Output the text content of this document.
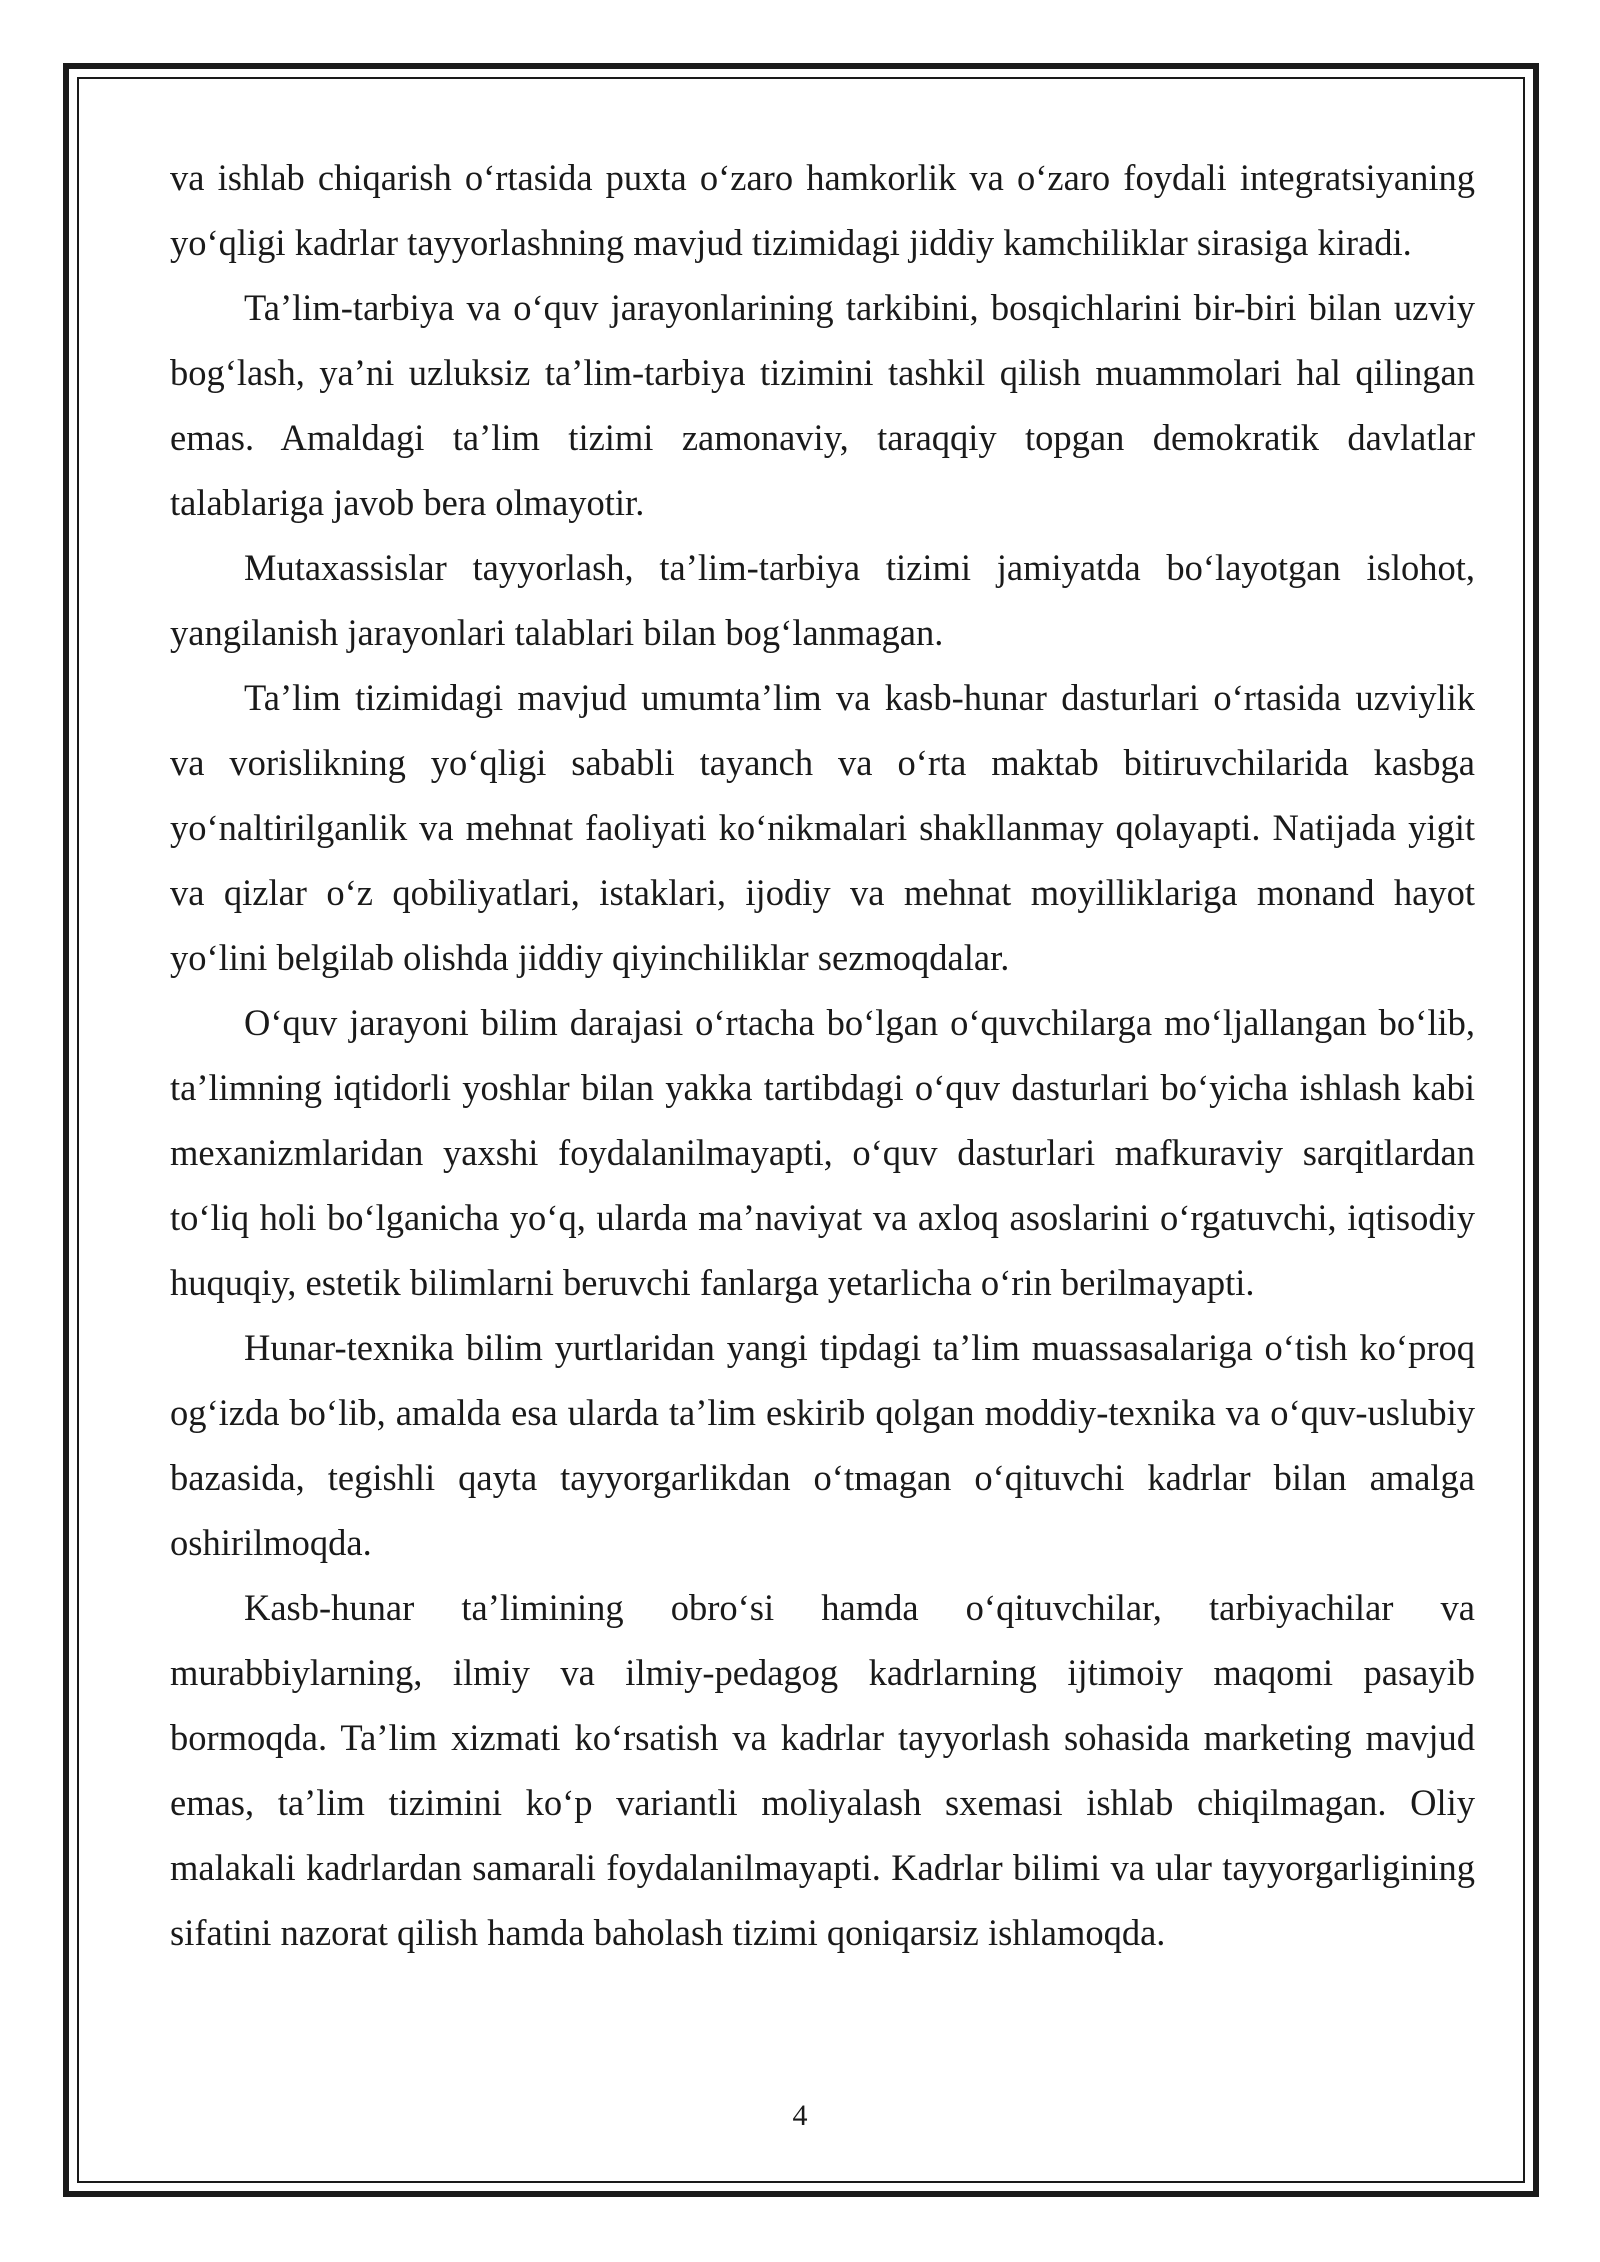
va ishlab chiqarish o‘rtasida puxta o‘zaro hamkorlik va o‘zaro foydali integratsiyaning yo‘qligi kadrlar tayyorlashning mavjud tizimidagi jiddiy kamchiliklar sirasiga kiradi.

Ta’lim-tarbiya va o‘quv jarayonlarining tarkibini, bosqichlarini bir-biri bilan uzviy bog‘lash, ya’ni uzluksiz ta’lim-tarbiya tizimini tashkil qilish muammolari hal qilingan emas. Amaldagi ta’lim tizimi zamonaviy, taraqqiy topgan demokratik davlatlar talablariga javob bera olmayotir.

Mutaxassislar tayyorlash, ta’lim-tarbiya tizimi jamiyatda bo‘layotgan islohot, yangilanish jarayonlari talablari bilan bog‘lanmagan.

Ta’lim tizimidagi mavjud umumta’lim va kasb-hunar dasturlari o‘rtasida uzviylik va vorislikning yo‘qligi sababli tayanch va o‘rta maktab bitiruvchilarida kasbga yo‘naltirilganlik va mehnat faoliyati ko‘nikmalari shakllanmay qolayapti. Natijada yigit va qizlar o‘z qobiliyatlari, istaklari, ijodiy va mehnat moyilliklariga monand hayot yo‘lini belgilab olishda jiddiy qiyinchiliklar sezmoqdalar.

O‘quv jarayoni bilim darajasi o‘rtacha bo‘lgan o‘quvchilarga mo‘ljallangan bo‘lib, ta’limning iqtidorli yoshlar bilan yakka tartibdagi o‘quv dasturlari bo‘yicha ishlash kabi mexanizmlaridan yaxshi foydalanilmayapti, o‘quv dasturlari mafkuraviy sarqitlardan to‘liq holi bo‘lganicha yo‘q, ularda ma’naviyat va axloq asoslarini o‘rgatuvchi, iqtisodiy huquqiy, estetik bilimlarni beruvchi fanlarga yetarlicha o‘rin berilmayapti.

Hunar-texnika bilim yurtlaridan yangi tipdagi ta’lim muassasalariga o‘tish ko‘proq og‘izda bo‘lib, amalda esa ularda ta’lim eskirib qolgan moddiy-texnika va o‘quv-uslubiy bazasida, tegishli qayta tayyorgarlikdan o‘tmagan o‘qituvchi kadrlar bilan amalga oshirilmoqda.

Kasb-hunar ta’limining obro‘si hamda o‘qituvchilar, tarbiyachilar va murabbiylarning, ilmiy va ilmiy-pedagog kadrlarning ijtimoiy maqomi pasayib bormoqda. Ta’lim xizmati ko‘rsatish va kadrlar tayyorlash sohasida marketing mavjud emas, ta’lim tizimini ko‘p variantli moliyalash sxemasi ishlab chiqilmagan. Oliy malakali kadrlardan samarali foydalanilmayapti. Kadrlar bilimi va ular tayyorgarligining sifatini nazorat qilish hamda baholash tizimi qoniqarsiz ishlamoqda.

4
